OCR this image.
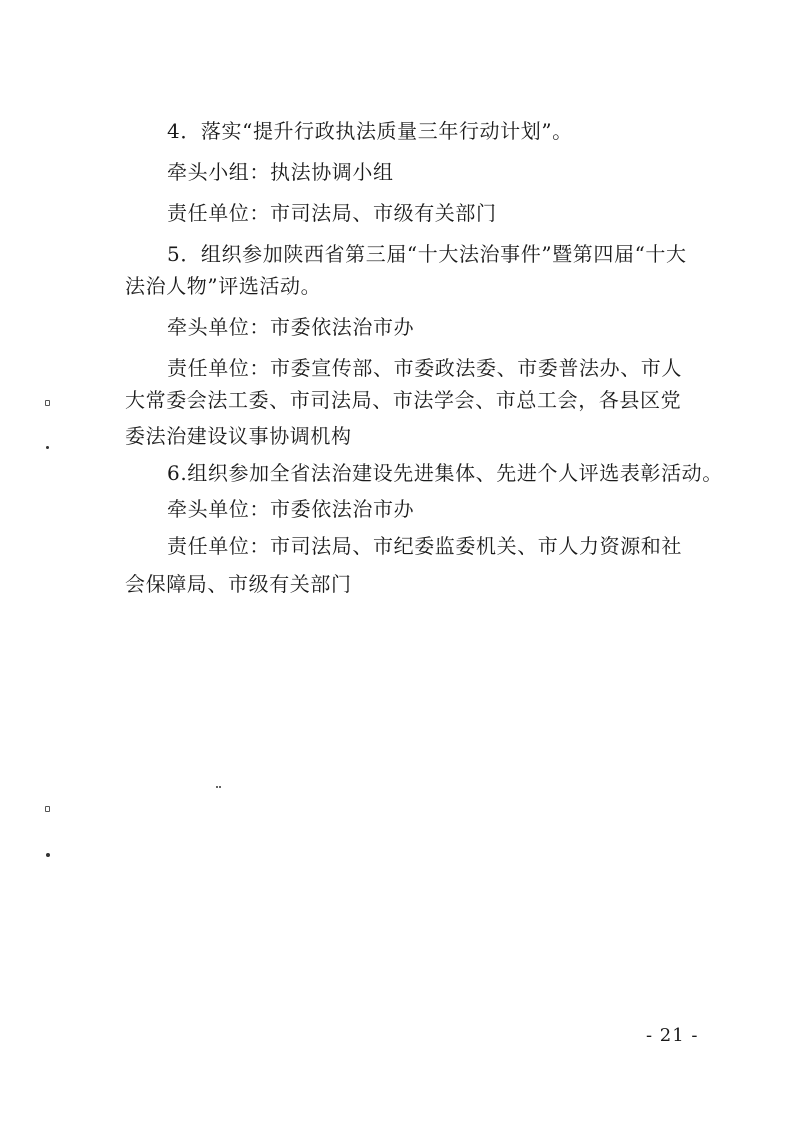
4．落实“提升行政执法质量三年行动计划”。
牵头小组：执法协调小组
责任单位：市司法局、市级有关部门
5．组织参加陕西省第三届“十大法治事件”暨第四届“十大
法治人物”评选活动。
牵头单位：市委依法治市办
责任单位：市委宣传部、市委政法委、市委普法办、市人
大常委会法工委、市司法局、市法学会、市总工会，各县区党
委法治建设议事协调机构
6.组织参加全省法治建设先进集体、先进个人评选表彰活动。
牵头单位：市委依法治市办
责任单位：市司法局、市纪委监委机关、市人力资源和社
会保障局、市级有关部门
- 21 -
